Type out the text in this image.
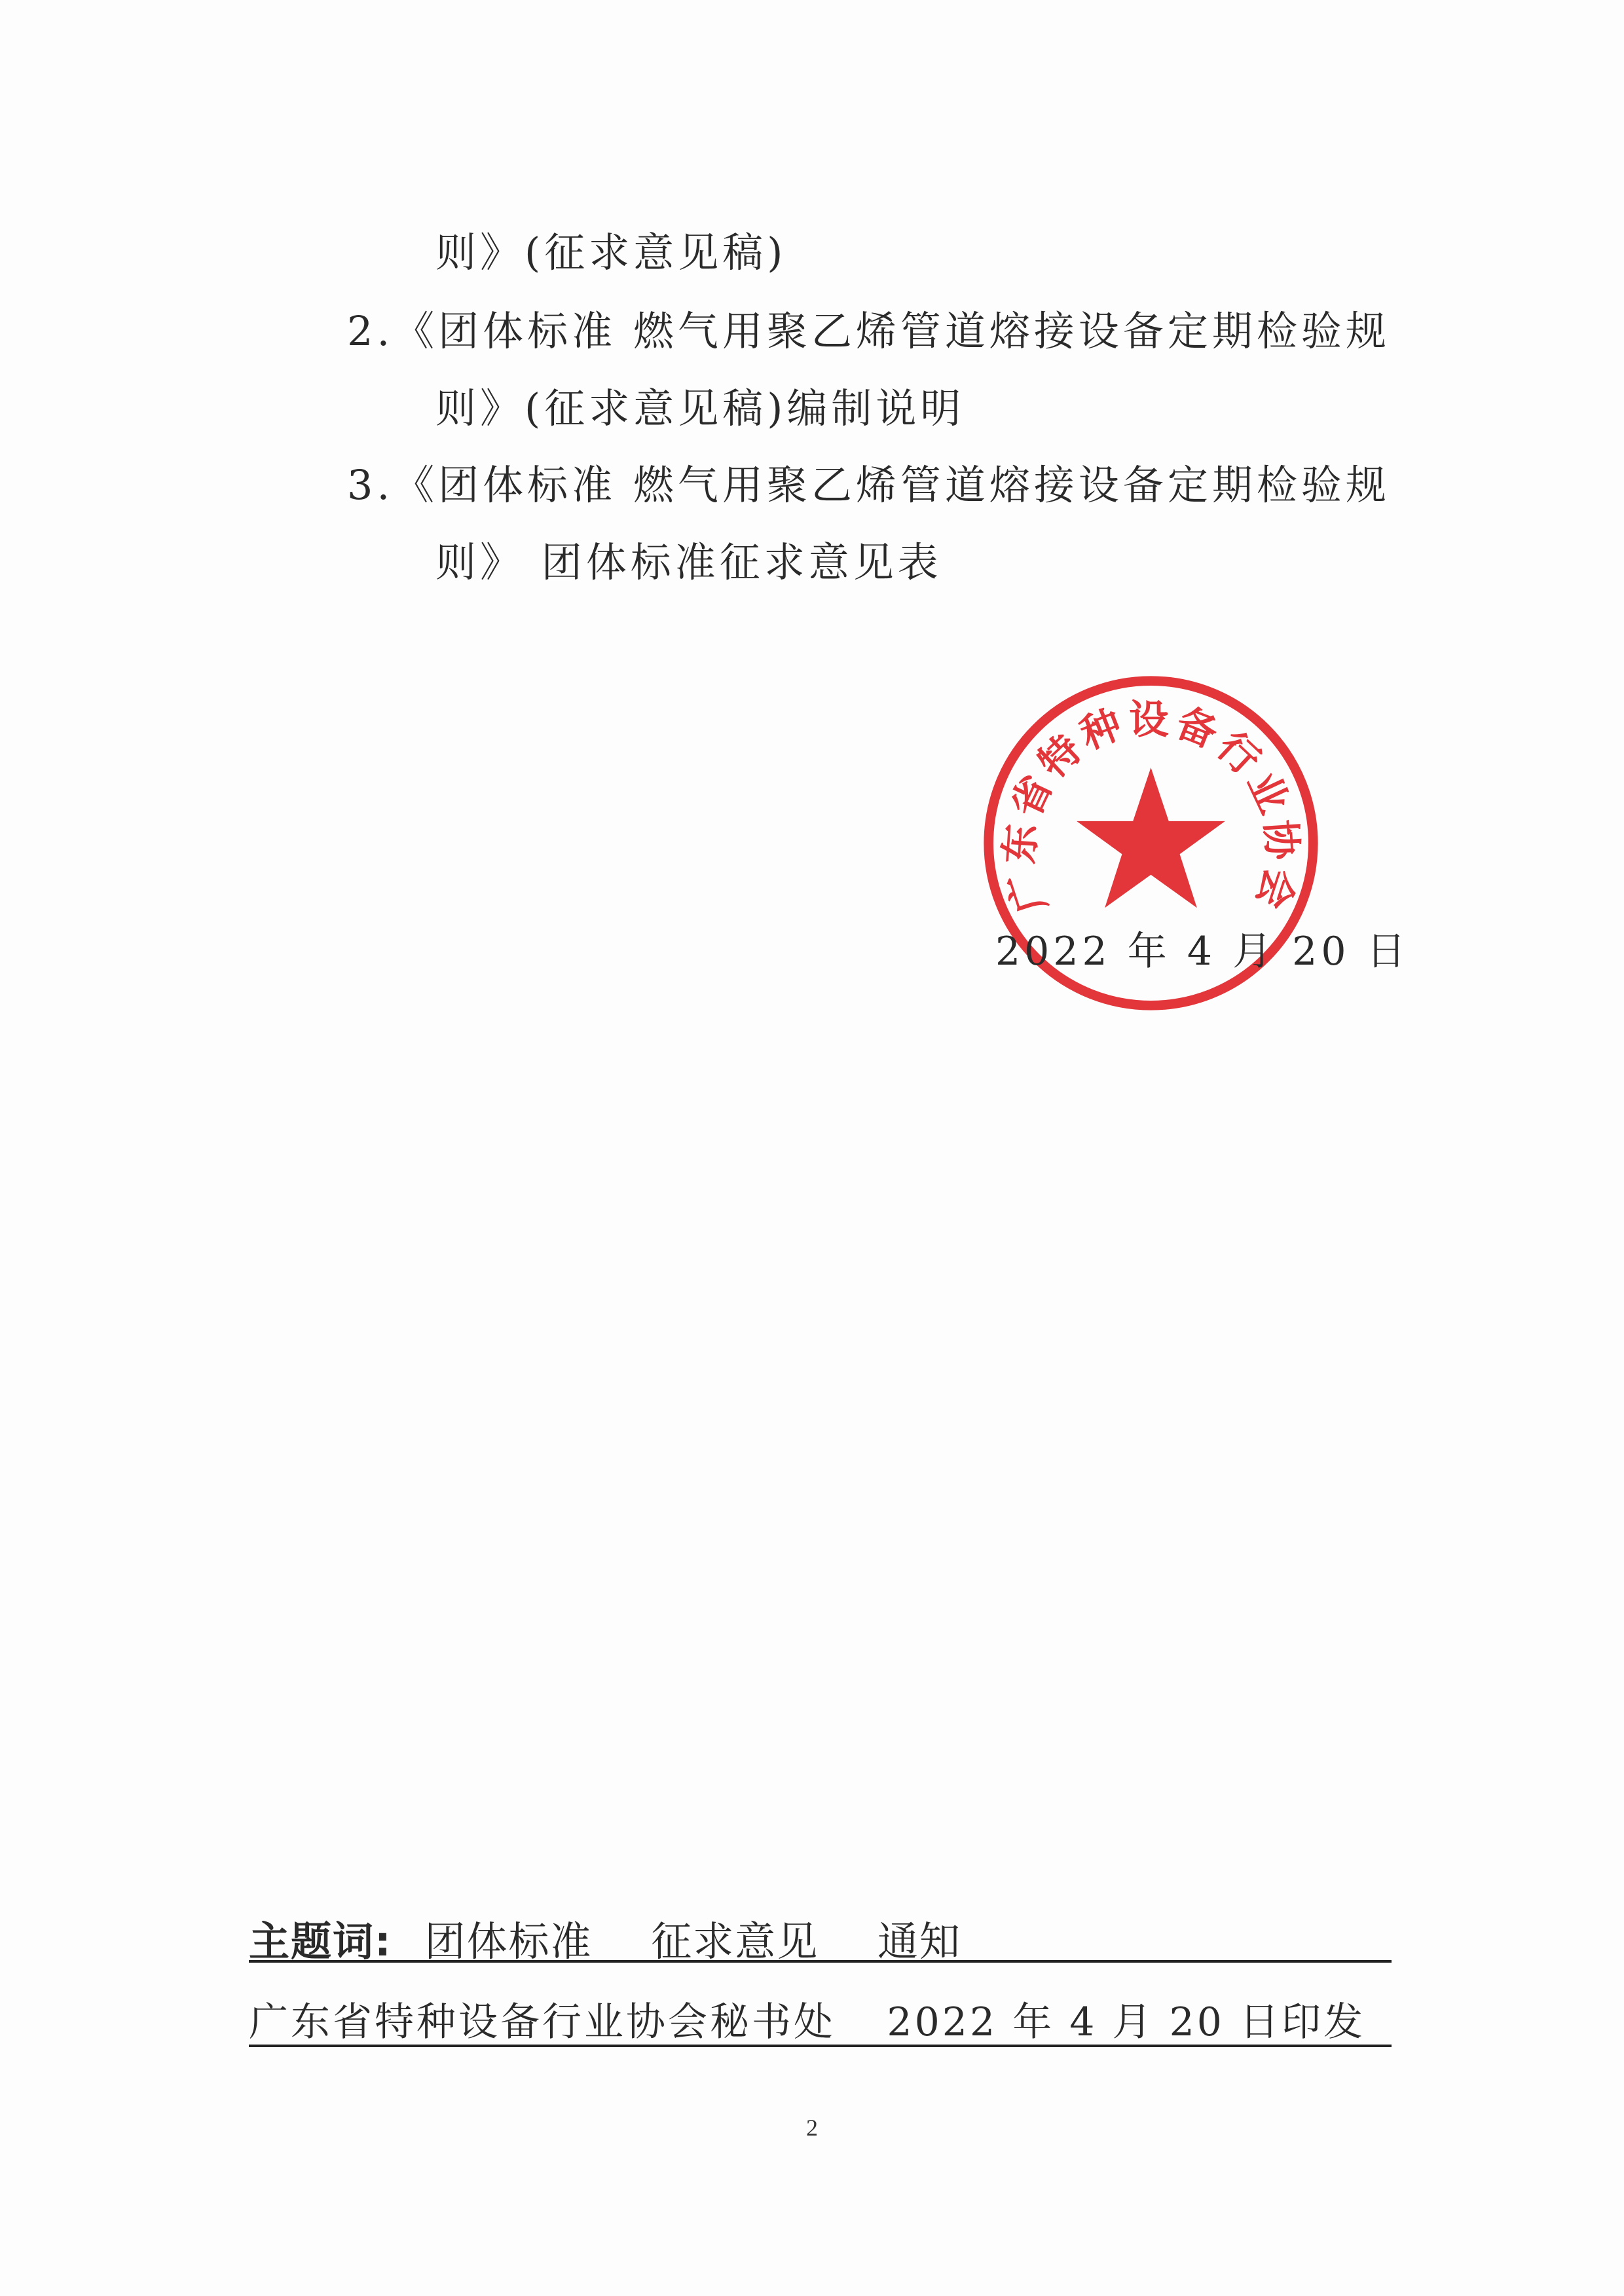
则》(征求意见稿)
2.《团体标准 燃气用聚乙烯管道熔接设备定期检验规
则》(征求意见稿)编制说明
3.《团体标准 燃气用聚乙烯管道熔接设备定期检验规
则》 团体标准征求意见表
广东省特种设备行业协会
2022 年 4 月 20 日
主题词: 团体标准 征求意见 通知
广东省特种设备行业协会秘书处 2022 年 4 月 20 日印发
2
